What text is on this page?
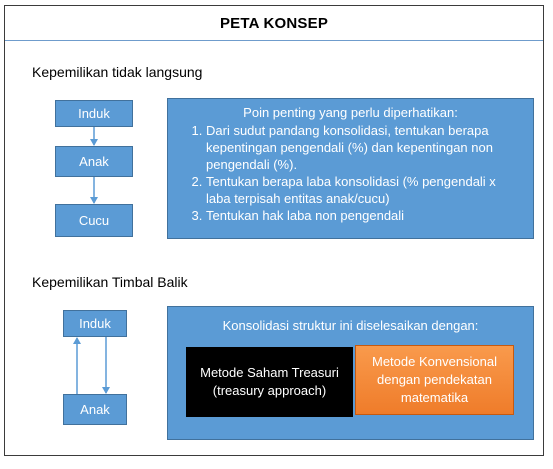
PETA KONSEP
Kepemilikan tidak langsung
Induk
Anak
Cucu
Poin penting yang perlu diperhatikan:
1. Dari sudut pandang konsolidasi, tentukan berapa kepentingan pengendali (%) dan kepentingan non pengendali (%).
2. Tentukan berapa laba konsolidasi (% pengendali x laba terpisah entitas anak/cucu)
3. Tentukan hak laba non pengendali
Kepemilikan Timbal Balik
Induk
Anak
Konsolidasi struktur ini diselesaikan dengan:
Metode Saham Treasuri
(treasury approach)
Metode Konvensional
dengan pendekatan
matematika
